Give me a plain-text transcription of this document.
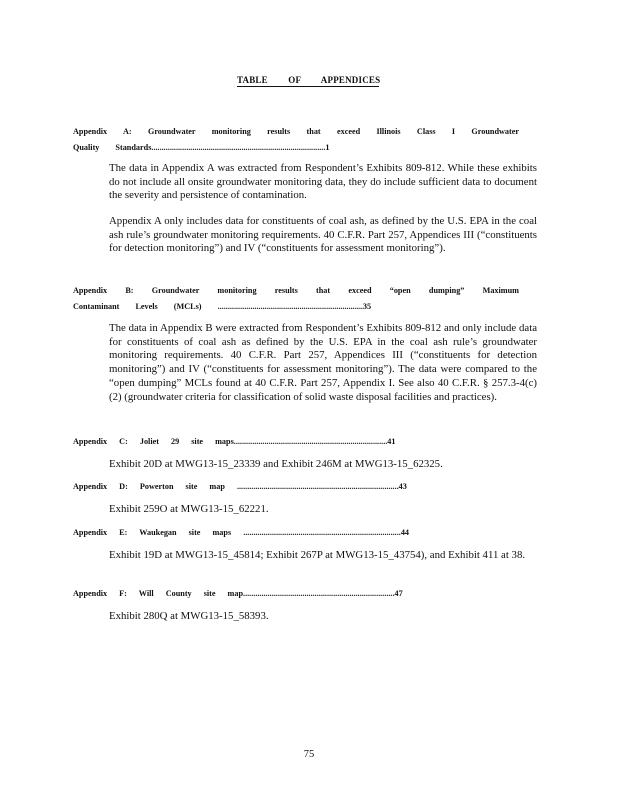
TABLE OF APPENDICES
Appendix A: Groundwater monitoring results that exceed Illinois Class I Groundwater Quality Standards.....................................................................................1

The data in Appendix A was extracted from Respondent’s Exhibits 809-812. While these exhibits do not include all onsite groundwater monitoring data, they do include sufficient data to document the severity and persistence of contamination.

Appendix A only includes data for constituents of coal ash, as defined by the U.S. EPA in the coal ash rule’s groundwater monitoring requirements. 40 C.F.R. Part 257, Appendices III (“constituents for detection monitoring”) and IV (“constituents for assessment monitoring”).

Appendix B: Groundwater monitoring results that exceed “open dumping” Maximum Contaminant Levels (MCLs) .......................................................................35

The data in Appendix B were extracted from Respondent’s Exhibits 809-812 and only include data for constituents of coal ash as defined by the U.S. EPA in the coal ash rule’s groundwater monitoring requirements. 40 C.F.R. Part 257, Appendices III (“constituents for detection monitoring”) and IV (“constituents for assessment monitoring”). The data were compared to the “open dumping” MCLs found at 40 C.F.R. Part 257, Appendix I. See also 40 C.F.R. § 257.3-4(c)(2) (groundwater criteria for classification of solid waste disposal facilities and practices).

Appendix C: Joliet 29 site maps...........................................................................41

Exhibit 20D at MWG13-15_23339 and Exhibit 246M at MWG13-15_62325.

Appendix D: Powerton site map ...............................................................................43

Exhibit 259O at MWG13-15_62221.

Appendix E: Waukegan site maps .............................................................................44

Exhibit 19D at MWG13-15_45814; Exhibit 267P at MWG13-15_43754), and Exhibit 411 at 38.

Appendix F: Will County site map..........................................................................47

Exhibit 280Q at MWG13-15_58393.

75
